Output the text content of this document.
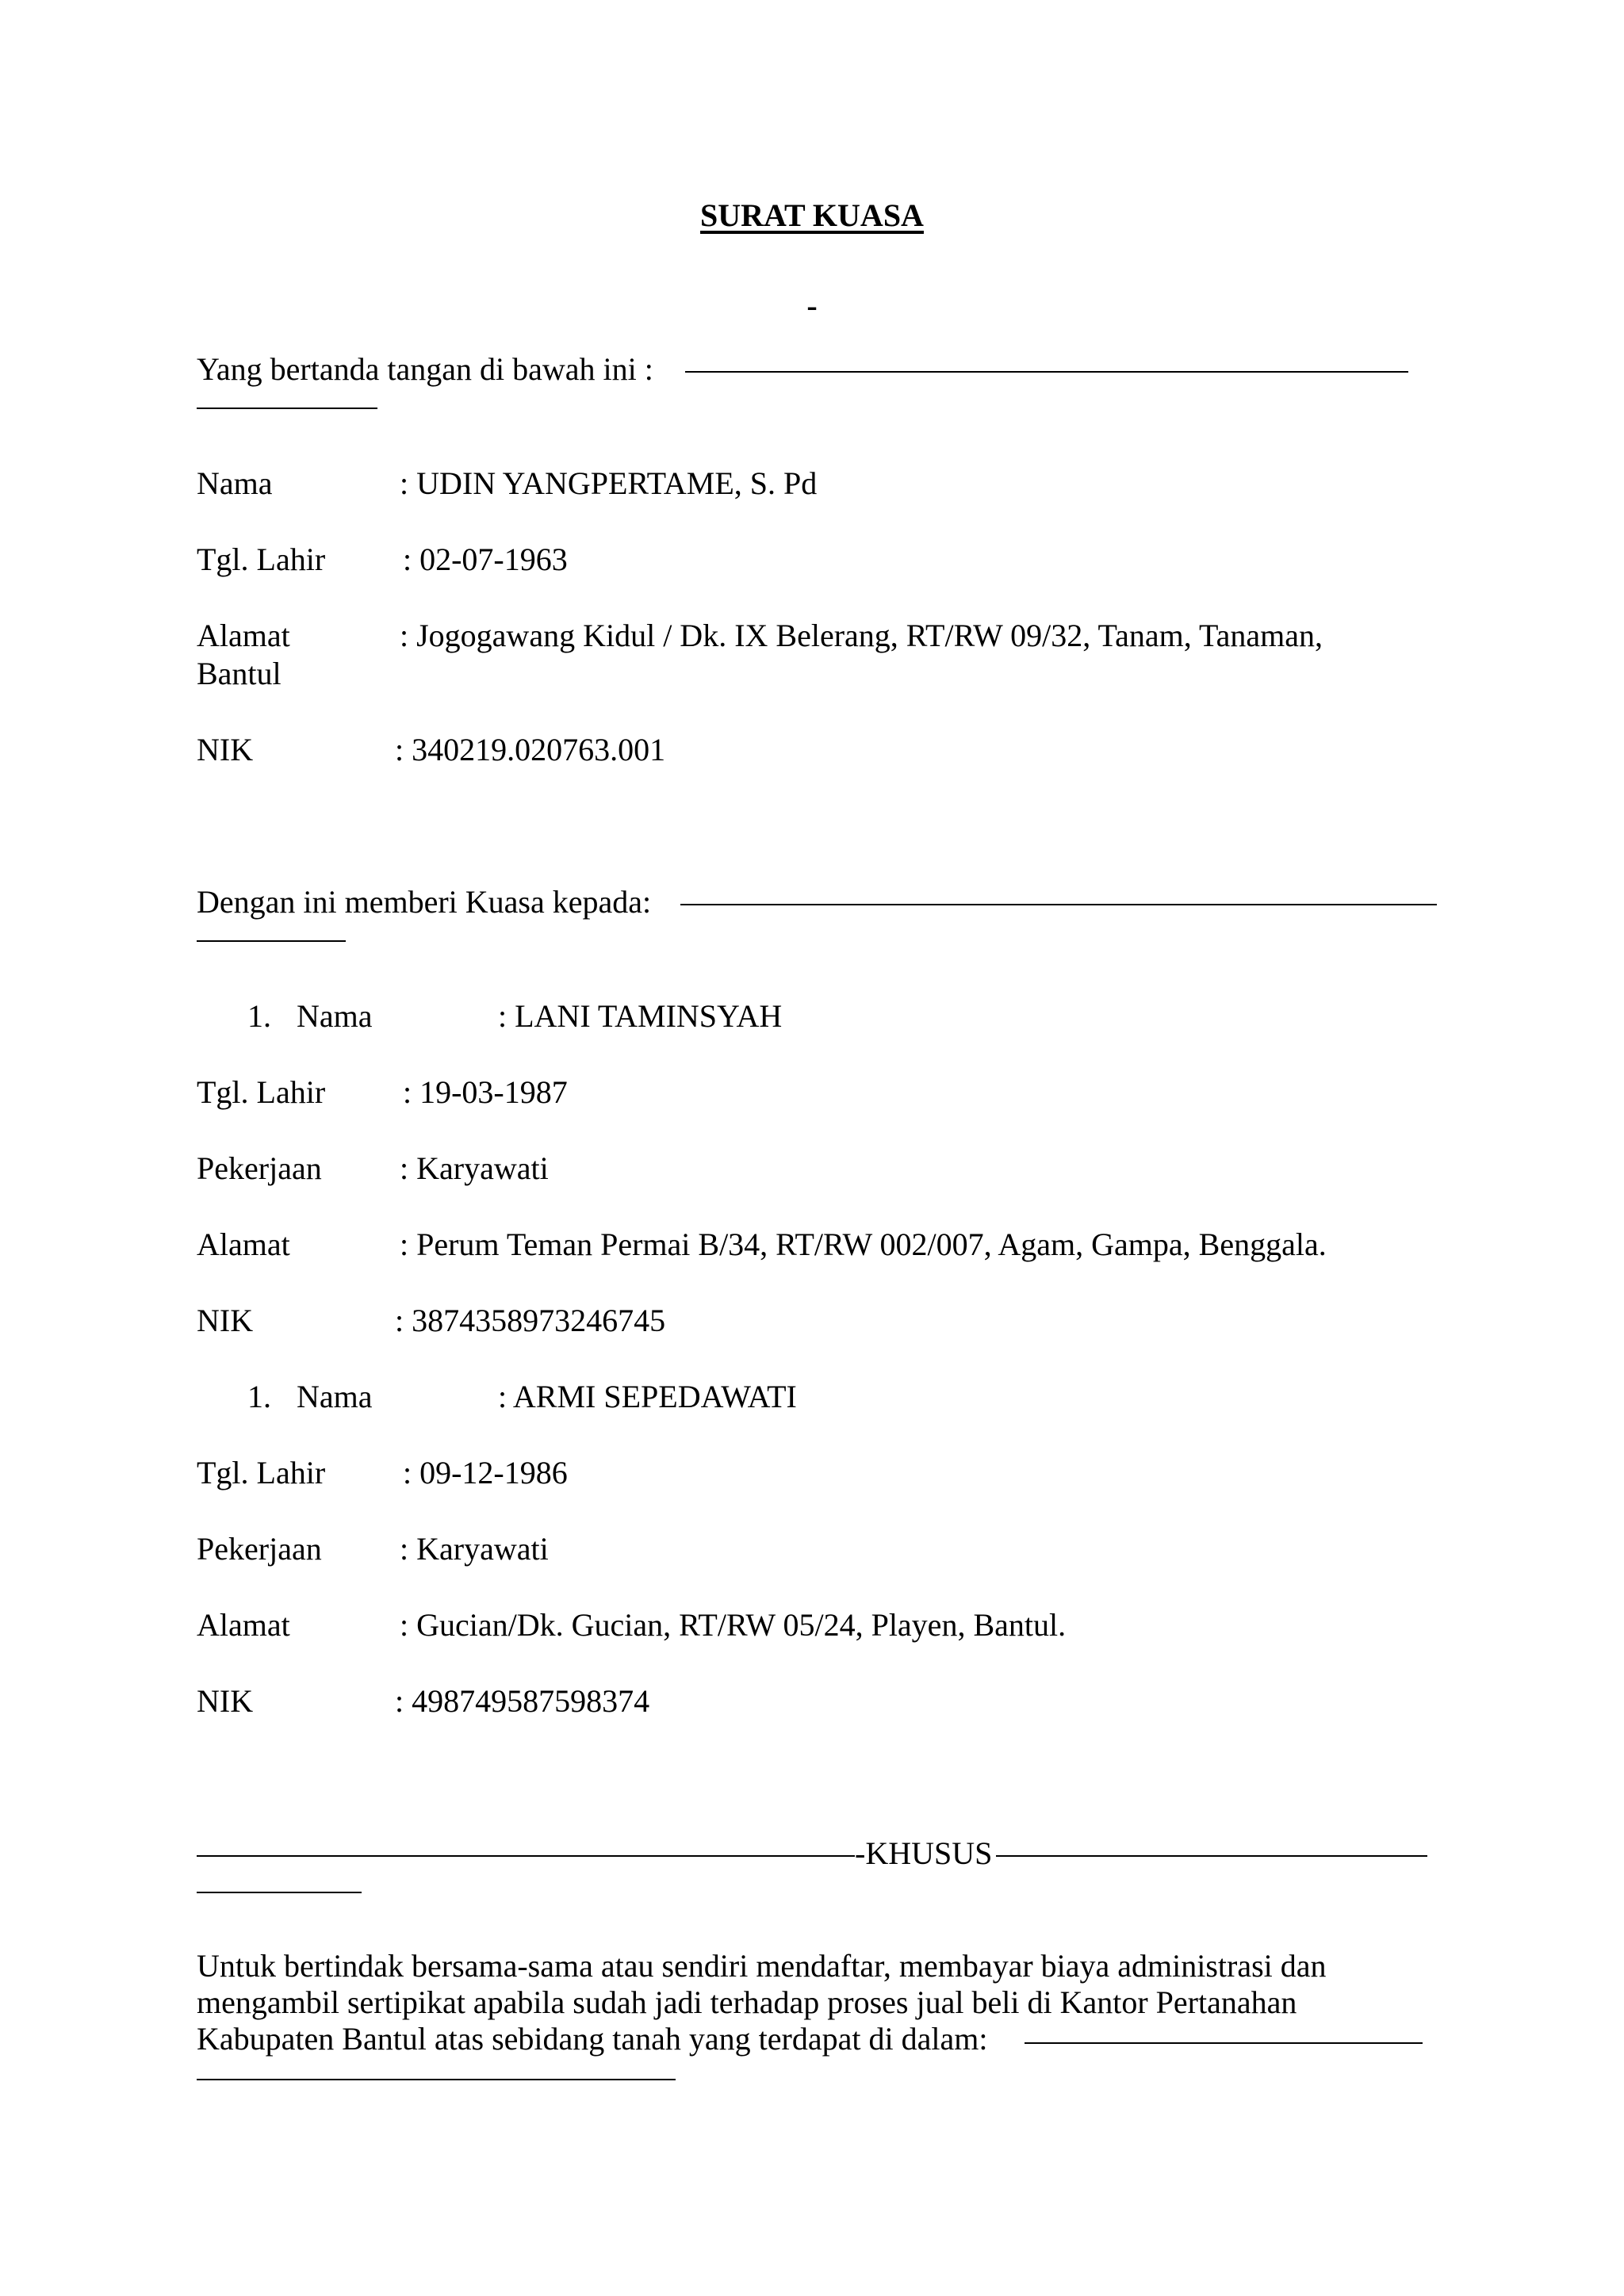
SURAT KUASA
-
Yang bertanda tangan di bawah ini :
Nama	: UDIN YANGPERTAME, S. Pd
Tgl. Lahir : 02-07-1963
Alamat	: Jogogawang Kidul / Dk. IX Belerang, RT/RW 09/32, Tanam, Tanaman,
Bantul
NIK	: 340219.020763.001
Dengan ini memberi Kuasa kepada:
1. Nama	: LANI TAMINSYAH
Tgl. Lahir : 19-03-1987
Pekerjaan : Karyawati
Alamat	: Perum Teman Permai B/34, RT/RW 002/007, Agam, Gampa, Benggala.
NIK	: 3874358973246745
1. Nama	: ARMI SEPEDAWATI
Tgl. Lahir : 09-12-1986
Pekerjaan : Karyawati
Alamat	: Gucian/Dk. Gucian, RT/RW 05/24, Playen, Bantul.
NIK	: 498749587598374
-KHUSUS
Untuk bertindak bersama-sama atau sendiri mendaftar, membayar biaya administrasi dan
mengambil sertipikat apabila sudah jadi terhadap proses jual beli di Kantor Pertanahan
Kabupaten Bantul atas sebidang tanah yang terdapat di dalam:
